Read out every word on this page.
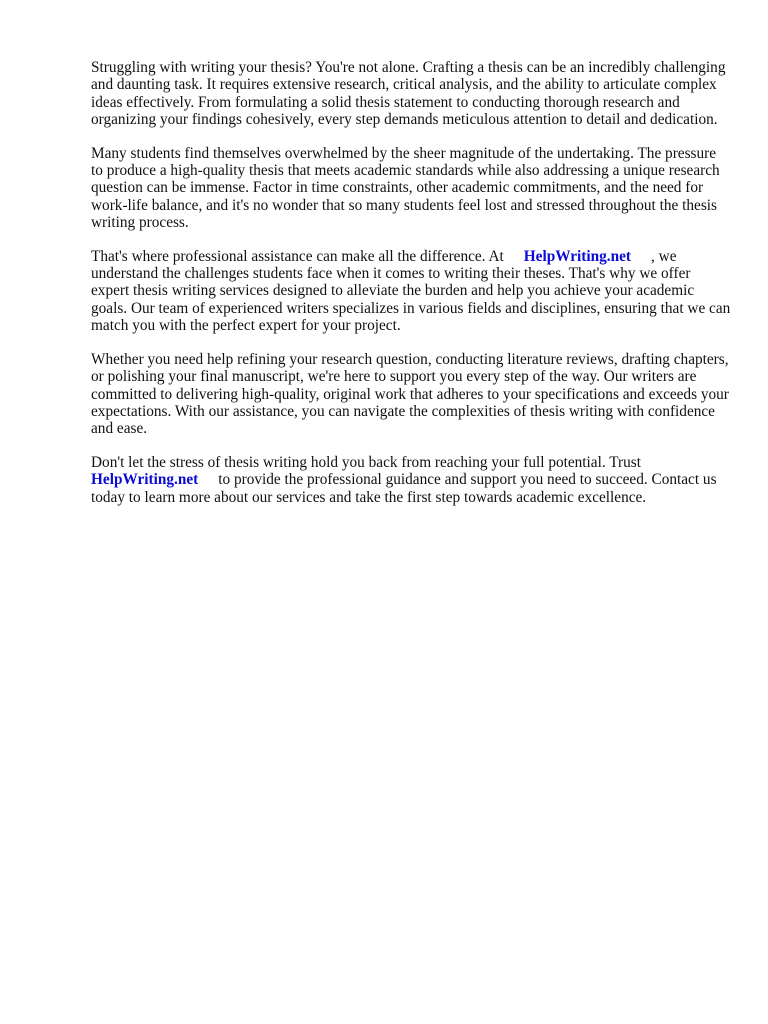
Struggling with writing your thesis? You're not alone. Crafting a thesis can be an incredibly challenging and daunting task. It requires extensive research, critical analysis, and the ability to articulate complex ideas effectively. From formulating a solid thesis statement to conducting thorough research and organizing your findings cohesively, every step demands meticulous attention to detail and dedication.

Many students find themselves overwhelmed by the sheer magnitude of the undertaking. The pressure to produce a high-quality thesis that meets academic standards while also addressing a unique research question can be immense. Factor in time constraints, other academic commitments, and the need for work-life balance, and it's no wonder that so many students feel lost and stressed throughout the thesis writing process.

That's where professional assistance can make all the difference. At HelpWriting.net , we understand the challenges students face when it comes to writing their theses. That's why we offer expert thesis writing services designed to alleviate the burden and help you achieve your academic goals. Our team of experienced writers specializes in various fields and disciplines, ensuring that we can match you with the perfect expert for your project.

Whether you need help refining your research question, conducting literature reviews, drafting chapters, or polishing your final manuscript, we're here to support you every step of the way. Our writers are committed to delivering high-quality, original work that adheres to your specifications and exceeds your expectations. With our assistance, you can navigate the complexities of thesis writing with confidence and ease.

Don't let the stress of thesis writing hold you back from reaching your full potential. Trust HelpWriting.net to provide the professional guidance and support you need to succeed. Contact us today to learn more about our services and take the first step towards academic excellence.
